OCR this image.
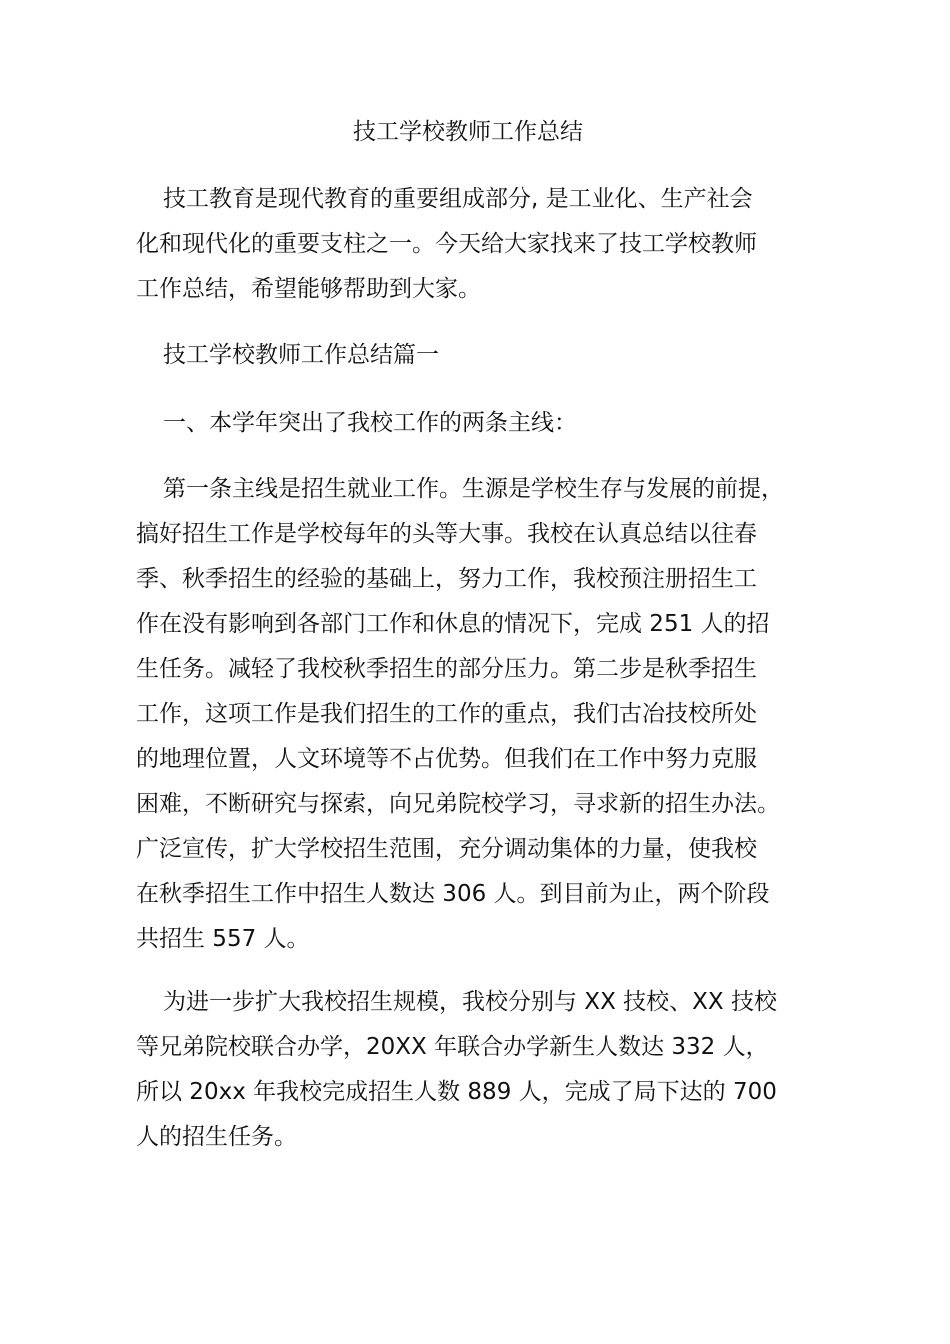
技工学校教师工作总结

技工教育是现代教育的重要组成部分, 是工业化、生产社会
化和现代化的重要支柱之一。今天给大家找来了技工学校教师
工作总结，希望能够帮助到大家。

技工学校教师工作总结篇一

一、本学年突出了我校工作的两条主线：

第一条主线是招生就业工作。生源是学校生存与发展的前提，
搞好招生工作是学校每年的头等大事。我校在认真总结以往春
季、秋季招生的经验的基础上，努力工作，我校预注册招生工
作在没有影响到各部门工作和休息的情况下，完成 251 人的招
生任务。减轻了我校秋季招生的部分压力。第二步是秋季招生
工作，这项工作是我们招生的工作的重点，我们古冶技校所处
的地理位置，人文环境等不占优势。但我们在工作中努力克服
困难，不断研究与探索，向兄弟院校学习，寻求新的招生办法。
广泛宣传，扩大学校招生范围，充分调动集体的力量，使我校
在秋季招生工作中招生人数达 306 人。到目前为止，两个阶段
共招生 557 人。

为进一步扩大我校招生规模，我校分别与 XX 技校、XX 技校
等兄弟院校联合办学，20XX 年联合办学新生人数达 332 人，
所以 20xx 年我校完成招生人数 889 人，完成了局下达的 700
人的招生任务。
